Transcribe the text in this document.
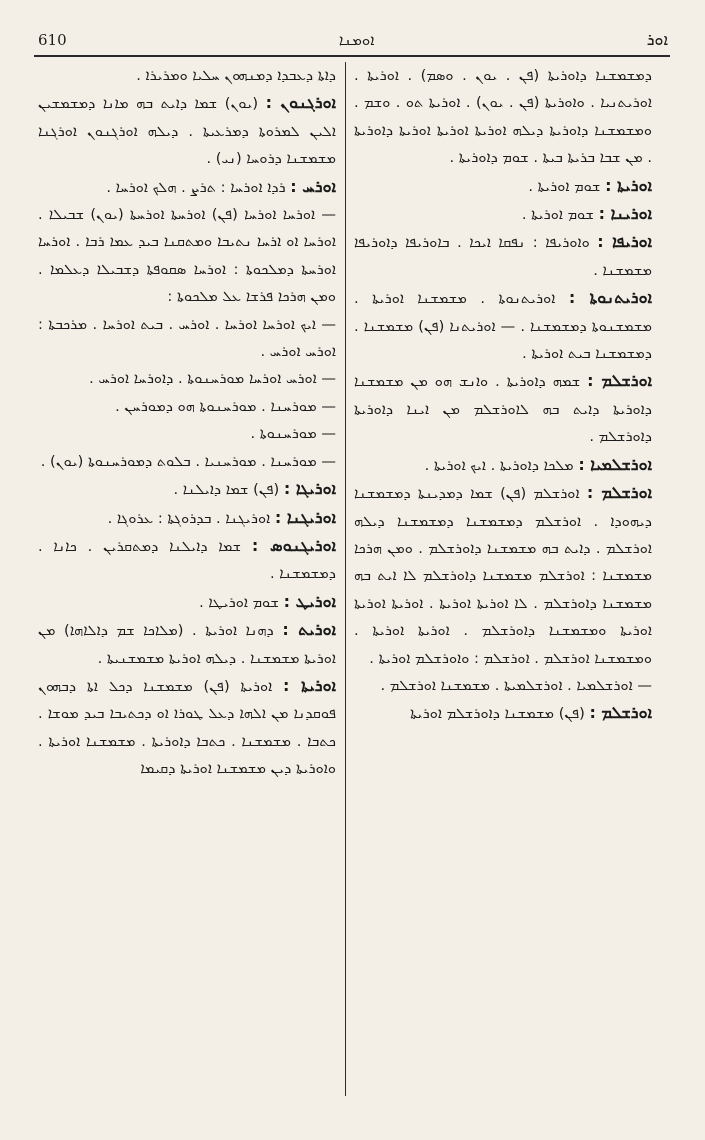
610	ܐܘܡܢܐ	ܐܘܪ

ܕܡܫܡܫܢܐ ܕܐܘܪܝܬܐ (ܦܢ . ܝܘܢ . ܘܣܡ) . ܐܘܪܝܬܐ . ܐܘܪܝܬܢܝܐ . ܘܐܘܪܝܬܐ (ܦܢ . ܝܘܢ) . ܐܘܪܝܬܐ ܬܘ . ܘܫܡ . ܘܡܫܡܫܢܐ ܕܐܘܪܝܬܐ ܕܝܠܗ ܐܘܪܝܬܐ ܐܘܪܝܬܐ ܐܘܪܝܬܐ ܕܐܘܪܝܬܐ . ܡܢ ܫܒܐ ܒܪܝܬܐ ܒܝܬܐ . ܫܘܡ ܕܐܘܪܝܬܐ .

ܐܘܪܝܬܐ : ܫܘܡ ܐܘܪܝܬܐ .

ܐܘܪܝܢܐ : ܫܘܡ ܐܘܪܝܬܐ .

ܐܘܪܝܦܐ : ܘܐܘܪܝܦܐ : ܢܦܩܐ ܐܝܟܐ . ܒܐܘܪܝܦܐ ܕܐܘܪܝܦܐ ܡܫܡܫܢܐ .

ܐܘܪܝܬܢܘܬܐ : ܐܘܪܝܬܢܘܬܐ . ܡܫܡܫܢܐ ܐܘܪܝܬܐ . ܡܫܡܫܢܘܬܐ ܕܡܫܡܫܢܐ . — ܐܘܪܝܬܢܐ (ܦܢ) ܡܫܡܫܢܐ . ܕܡܫܡܫܢܐ ܒܝܬ ܐܘܪܝܬܐ .

ܐܘܪܫܠܡ : ܫܡܗ ܕܐܘܪܝܬܐ . ܘܐܢܫ ܗܘ ܡܢ ܡܫܡܫܢܐ ܕܐܘܪܝܬܐ ܕܐܝܬ ܒܗ ܠܐܘܪܫܠܡ ܡܢ ܐܝܢܐ ܕܐܘܪܝܬܐ ܕܐܘܪܫܠܡ .

ܐܘܪܫܠܡܝܐ : ܡܠܟܐ ܕܐܘܪܝܬܐ . ܐܝܟ ܐܘܪܝܬܐ .

ܐܘܪܫܠܡ : ܐܘܪܫܠܡ (ܦܢ) ܫܡܐ ܕܡܕܝܢܬܐ ܕܡܫܡܫܢܐ ܕܝܗܘܕܐ . ܐܘܪܫܠܡ ܕܡܫܡܫܢܐ ܕܡܫܡܫܢܐ ܕܝܠܗ ܐܘܪܫܠܡ . ܕܐܝܬ ܒܗ ܡܫܡܫܢܐ ܕܐܘܪܫܠܡ . ܘܡܢ ܗܪܟܐ ܡܫܡܫܢܐ : ܐܘܪܫܠܡ ܡܫܡܫܢܐ ܕܐܘܪܫܠܡ ܠܐ ܐܝܬ ܒܗ ܡܫܡܫܢܐ ܕܐܘܪܫܠܡ . ܠܐ ܐܘܪܝܬܐ ܐܘܪܝܬܐ . ܐܘܪܝܬܐ ܐܘܪܝܬܐ ܐܘܪܝܬܐ ܘܡܫܡܫܢܐ ܕܐܘܪܫܠܡ . ܐܘܪܝܬܐ ܐܘܪܝܬܐ . ܘܡܫܡܫܢܐ ܐܘܪܫܠܡ . ܐܘܪܫܠܡ : ܘܐܘܪܫܠܡ ܐܘܪܝܬܐ .

— ܐܘܪܫܠܡܝܐ . ܐܘܪܫܠܡܝܬܐ . ܡܫܡܫܢܐ ܐܘܪܫܠܡ .

ܐܘܪܫܠܡ : (ܦܢ) ܡܫܡܫܢܐ ܕܐܘܪܫܠܡ ܐܘܪܝܬܐ

ܕܐܬܐ ܕܥܒܕܐ ܕܡܢܗܘܢ ܚܠܝܐ ܘܡܪܝܪܐ .

ܐܘܪܓܢܘܢ : (ܝܘܢ) ܫܡܐ ܕܐܝܬ ܒܗ ܡܐܢܐ ܕܡܫܡܫܝܢ ܐܠܝܢ ܠܡܪܘܬܐ ܕܡܪܥܝܬܐ . ܕܝܠܗ ܐܘܪܓܢܘܢ ܐܘܪܓܢܐ ܡܫܡܫܢܐ ܕܪܘܚܐ (ܢܝ) .

ܐܘܪܚ : ܪܕܐ ܐܘܪܚܐ : ܬܪܨ . ܗܠܟ ܐܘܪܚܐ .

— ܐܘܪܚܐ ܐܘܪܚܐ (ܦܢ) ܐܘܪܚܬܐ ܐܘܪܚܬܐ (ܝܘܢ) ܫܒܝܠܐ . ܐܘܪܚܐ ܐܘ ܐܪܚܐ ܢܬܝܒܐ ܘܡܬܩܢܐ ܒܝܕ ܥܡܐ ܪܒܐ . ܐܘܪܚܐ ܐܘܪܚܬܐ ܕܡܠܟܘܬܐ : ܐܘܪܚܐ ܣܩܘܦܬܐ ܕܫܒܝܠܐ ܕܥܠܡܐ . ܘܡܢ ܗܪܟܐ ܦܪܫܐ ܥܠ ܡܠܟܘܬܐ :

— ܐܝܟ ܐܘܪܚܐ ܐܘܪܚܐ . ܐܘܪܚ . ܒܝܬ ܐܘܪܚܐ . ܡܪܟܒܬܐ : ܐܘܪܚ ܐܘܪܚ .

— ܐܘܪܚ ܐܘܪܚܐ ܡܘܪܚܢܘܬܐ . ܕܐܘܪܚܐ ܐܘܪܚ .

— ܡܘܪܚܢܐ . ܡܘܪܚܢܘܬܐ ܗܘ ܕܡܘܪܚܢ .

— ܡܘܪܚܢܘܬܐ .

— ܡܘܪܚܢܐ . ܡܘܪܚܢܝܐ . ܒܠܘܬ ܕܡܘܪܚܢܘܬܐ (ܝܘܢ) .

ܐܘܪܝܓܐ : (ܦܢ) ܫܡܐ ܕܐܝܠܢܐ .

ܐܘܪܝܓܢܐ : ܐܘܪܝܓܢܐ . ܒܕܪܘܓܬܐ : ܥܪܘܓܐ .

ܐܘܪܝܓܢܘܣ : ܫܡܐ ܕܐܝܠܢܐ ܕܡܬܩܪܝܢ . ܟܐܢܐ . ܕܡܫܡܫܢܐ .

ܐܘܪܝܛ : ܫܘܡ ܐܘܪܝܛܐ .

ܐܘܪܝܬ : ܕܗܢܐ ܐܘܪܝܬܐ . (ܡܠܐܟܐ ܫܡ ܕܐܠܐܗܐ) ܡܢ ܐܘܪܝܬܐ ܡܫܡܫܢܐ . ܕܝܠܗ ܐܘܪܝܬܐ ܡܫܡܫܢܝܬܐ .

ܐܘܪܝܬܐ : ܐܘܪܝܬܐ (ܦܢ) ܡܫܡܫܢܐ ܕܟܠ ܐܬܐ ܕܒܗܘܢ ܦܘܩܕܢܐ ܡܢ ܐܠܗܐ ܕܥܠ ܛܘܪܐ ܐܘ ܕܟܬܝܒܐ ܒܝܕ ܡܘܫܐ . ܟܬܒܐ . ܡܫܡܫܢܐ . ܟܬܒܐ ܕܐܘܪܝܬܐ . ܡܫܡܫܢܐ ܐܘܪܝܬܐ . ܘܐܘܪܝܬܐ ܕܝܢ ܡܫܡܫܢܐ ܐܘܪܝܬܐ ܕܩܝܡܐ
